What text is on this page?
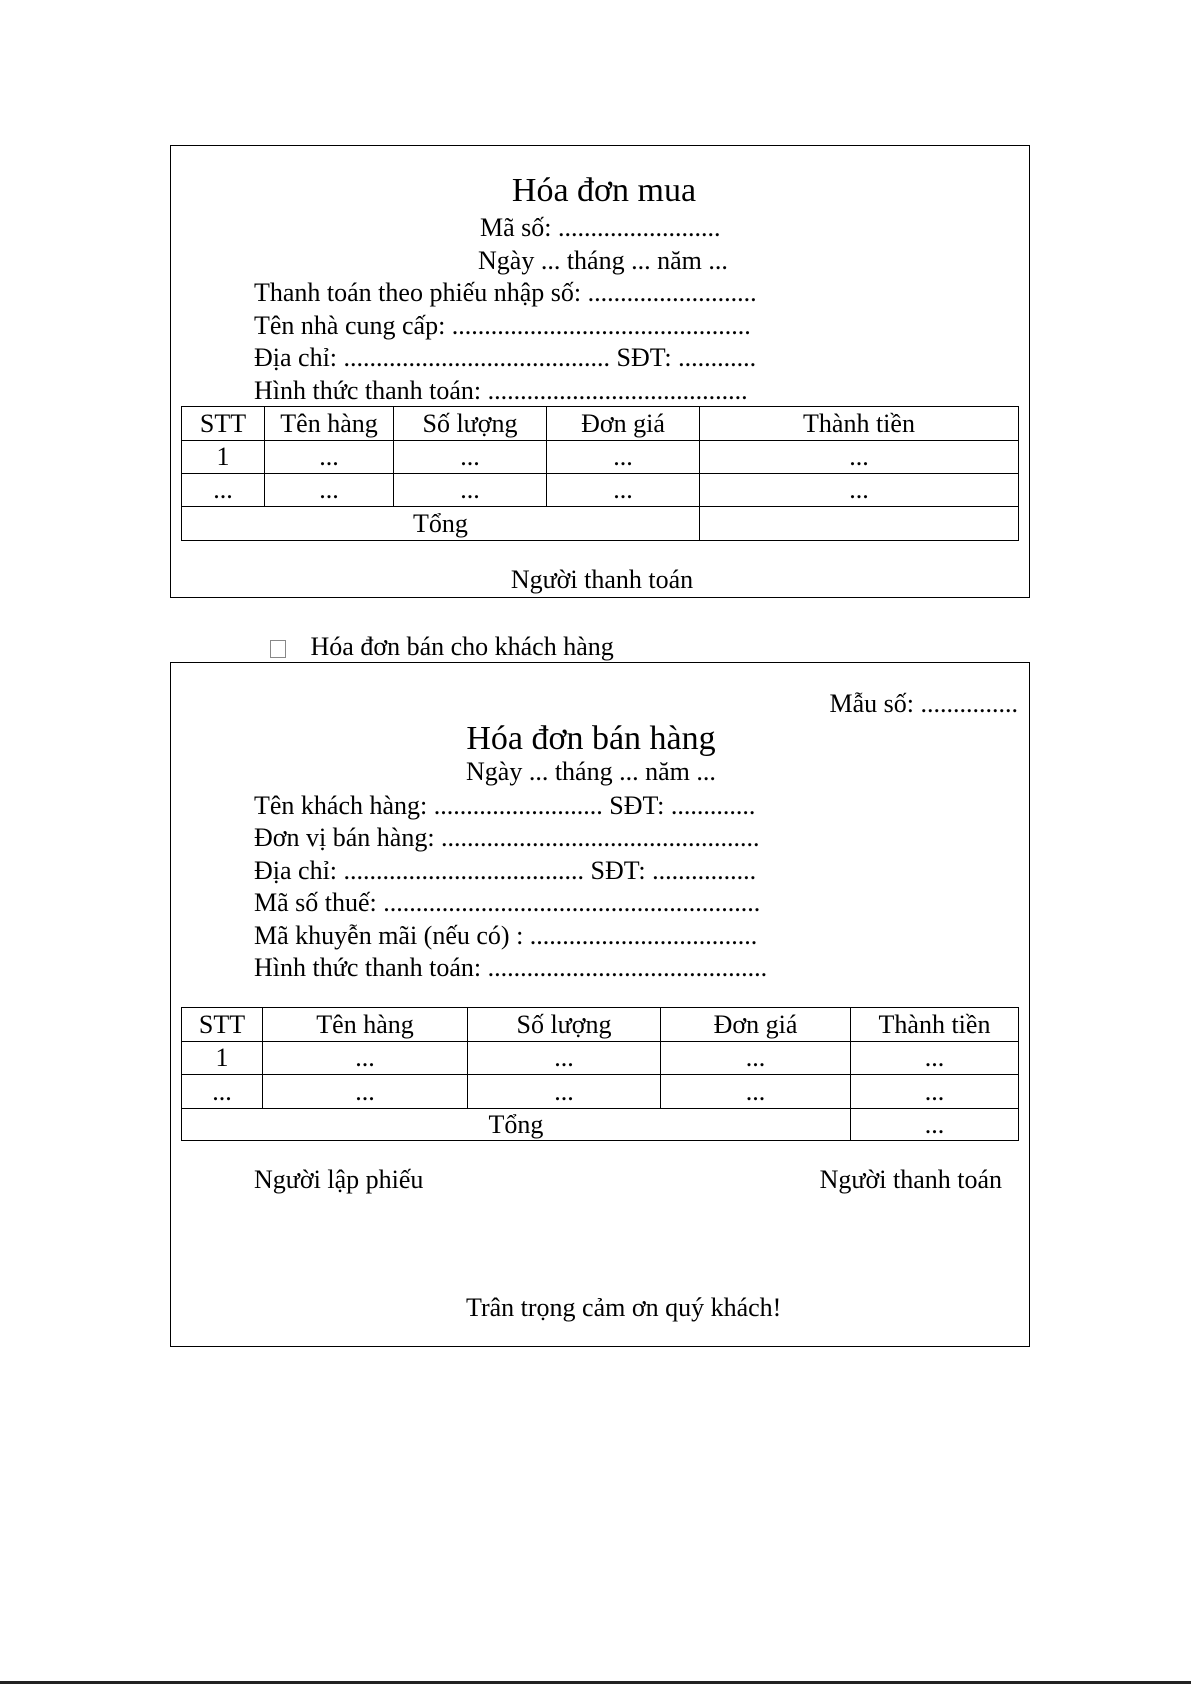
Hóa đơn mua
Mã số: .........................
Ngày ... tháng ... năm ...
Thanh toán theo phiếu nhập số: ..........................
Tên nhà cung cấp: ..............................................
Địa chỉ: ......................................... SĐT: ............
Hình thức thanh toán: ........................................
STT	Tên hàng	Số lượng	Đơn giá	Thành tiền
1	...	...	...	...
...	...	...	...	...
Tổng				
Người thanh toán
Hóa đơn bán cho khách hàng
Mẫu số: ...............
Hóa đơn bán hàng
Ngày ... tháng ... năm ...
Tên khách hàng: .......................... SĐT: .............
Đơn vị bán hàng: .................................................
Địa chỉ: ..................................... SĐT: ................
Mã số thuế: ..........................................................
Mã khuyễn mãi (nếu có) : ...................................
Hình thức thanh toán: ...........................................
STT	Tên hàng	Số lượng	Đơn giá	Thành tiền
1	...	...	...	...
...	...	...	...	...
Tổng				...
Người lập phiếu	Người thanh toán
Trân trọng cảm ơn quý khách!
